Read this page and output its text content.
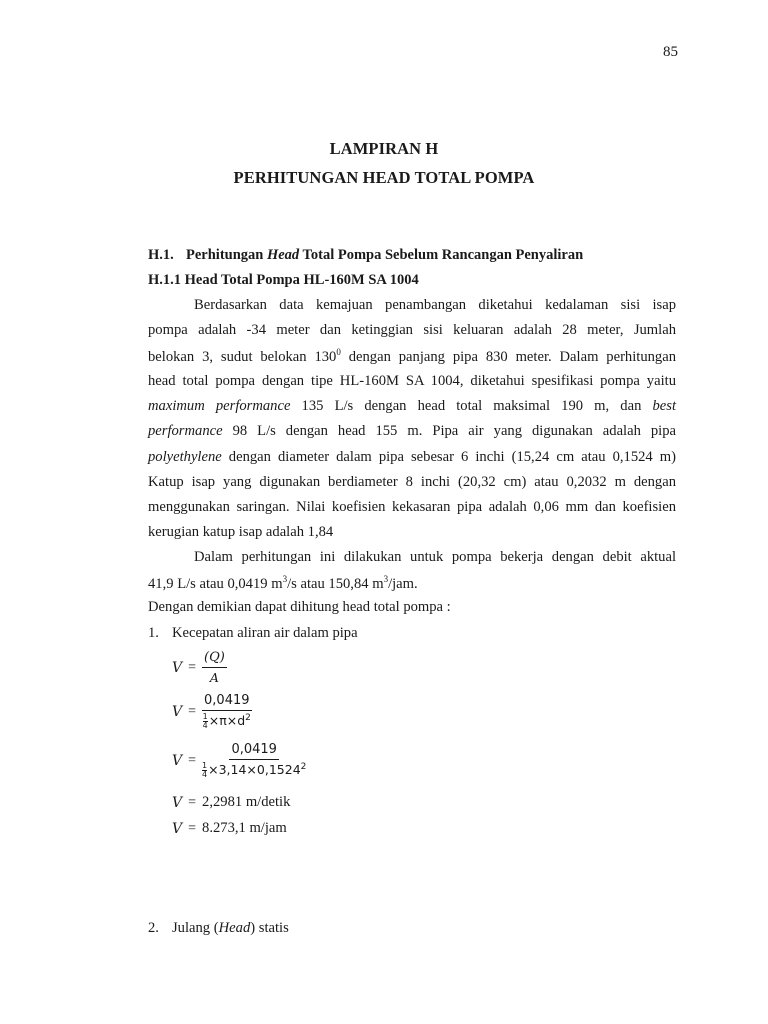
85
LAMPIRAN H
PERHITUNGAN HEAD TOTAL POMPA
H.1. Perhitungan Head Total Pompa Sebelum Rancangan Penyaliran
H.1.1 Head Total Pompa HL-160M SA 1004
Berdasarkan data kemajuan penambangan diketahui kedalaman sisi isap
pompa adalah -34 meter dan ketinggian sisi keluaran adalah 28 meter, Jumlah
belokan 3, sudut belokan $130^0$ dengan panjang pipa 830 meter. Dalam perhitungan
head total pompa dengan tipe HL-160M SA 1004, diketahui spesifikasi pompa yaitu
maximum performance 135 L/s dengan head total maksimal 190 m, dan best
performance 98 L/s dengan head 155 m. Pipa air yang digunakan adalah pipa
polyethylene dengan diameter dalam pipa sebesar 6 inchi (15,24 cm atau 0,1524 m)
Katup isap yang digunakan berdiameter 8 inchi (20,32 cm) atau 0,2032 m dengan
menggunakan saringan. Nilai koefisien kekasaran pipa adalah 0,06 mm dan koefisien
kerugian katup isap adalah 1,84
Dalam perhitungan ini dilakukan untuk pompa bekerja dengan debit aktual
41,9 L/s atau 0,0419 $m^3/s$ atau 150,84 $m^3$/jam.
Dengan demikian dapat dihitung head total pompa :
1. Kecepatan aliran air dalam pipa
$V = \frac{(Q)}{A}$
$V = \frac{0,0419}{\frac{1}{4} \times\pi\times d^2}$
$V = \frac{0,0419}{\frac{1}{4} \times 3,14\times 0,1524^2}$
V = 2,2981 m/detik
V = 8.273,1 m/jam
2. Julang (Head) statis
